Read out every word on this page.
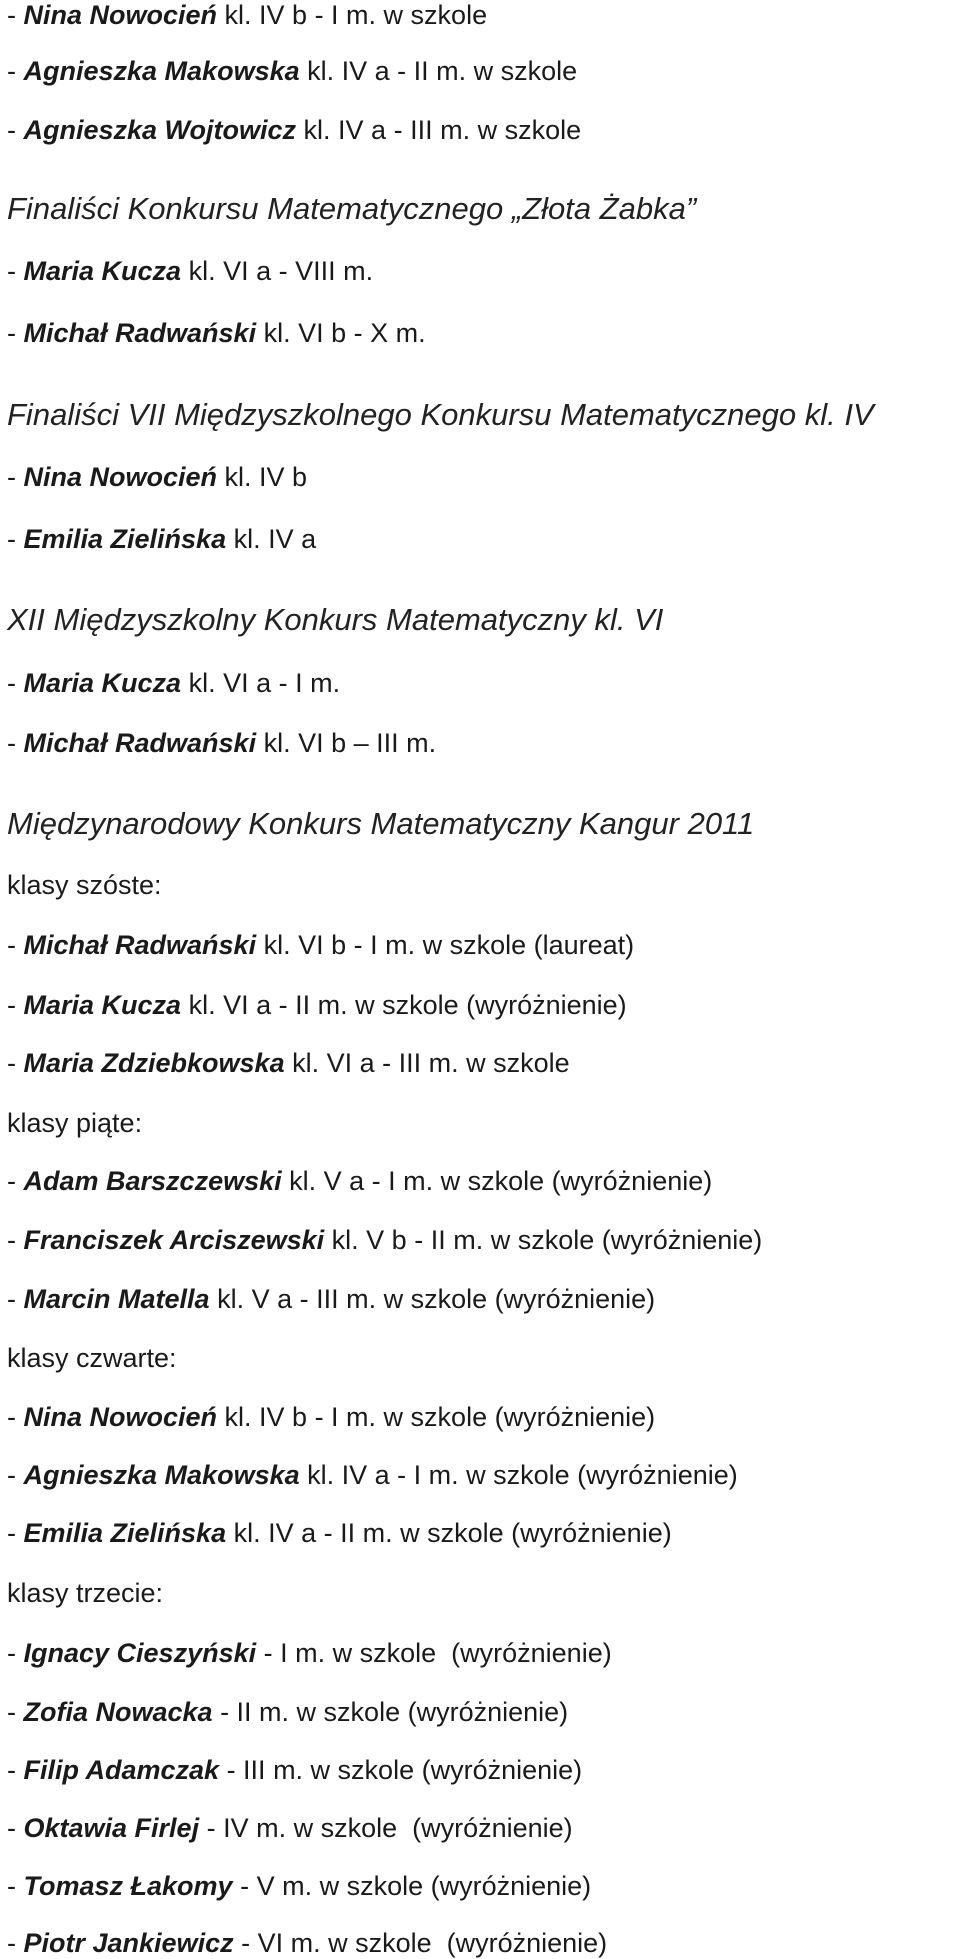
- Nina Nowocień kl. IV b - I m. w szkole
- Agnieszka Makowska kl. IV a - II m. w szkole
- Agnieszka Wojtowicz kl. IV a - III m. w szkole
Finaliści Konkursu Matematycznego „Złota Żabka”
- Maria Kucza kl. VI a - VIII m.
- Michał Radwański kl. VI b - X m.
Finaliści VII Międzyszkolnego Konkursu Matematycznego kl. IV
- Nina Nowocień kl. IV b
- Emilia Zielińska kl. IV a
XII Międzyszkolny Konkurs Matematyczny kl. VI
- Maria Kucza kl. VI a - I m.
- Michał Radwański kl. VI b – III m.
Międzynarodowy Konkurs Matematyczny Kangur 2011
klasy szóste:
- Michał Radwański kl. VI b - I m. w szkole (laureat)
- Maria Kucza kl. VI a - II m. w szkole (wyróżnienie)
- Maria Zdziebkowska kl. VI a - III m. w szkole
klasy piąte:
- Adam Barszczewski kl. V a - I m. w szkole (wyróżnienie)
- Franciszek Arciszewski kl. V b - II m. w szkole (wyróżnienie)
- Marcin Matella kl. V a - III m. w szkole (wyróżnienie)
klasy czwarte:
- Nina Nowocień kl. IV b - I m. w szkole (wyróżnienie)
- Agnieszka Makowska kl. IV a - I m. w szkole (wyróżnienie)
- Emilia Zielińska kl. IV a - II m. w szkole (wyróżnienie)
klasy trzecie:
- Ignacy Cieszyński - I m. w szkole  (wyróżnienie)
- Zofia Nowacka - II m. w szkole (wyróżnienie)
- Filip Adamczak - III m. w szkole (wyróżnienie)
- Oktawia Firlej - IV m. w szkole  (wyróżnienie)
- Tomasz Łakomy - V m. w szkole (wyróżnienie)
- Piotr Jankiewicz - VI m. w szkole  (wyróżnienie)
